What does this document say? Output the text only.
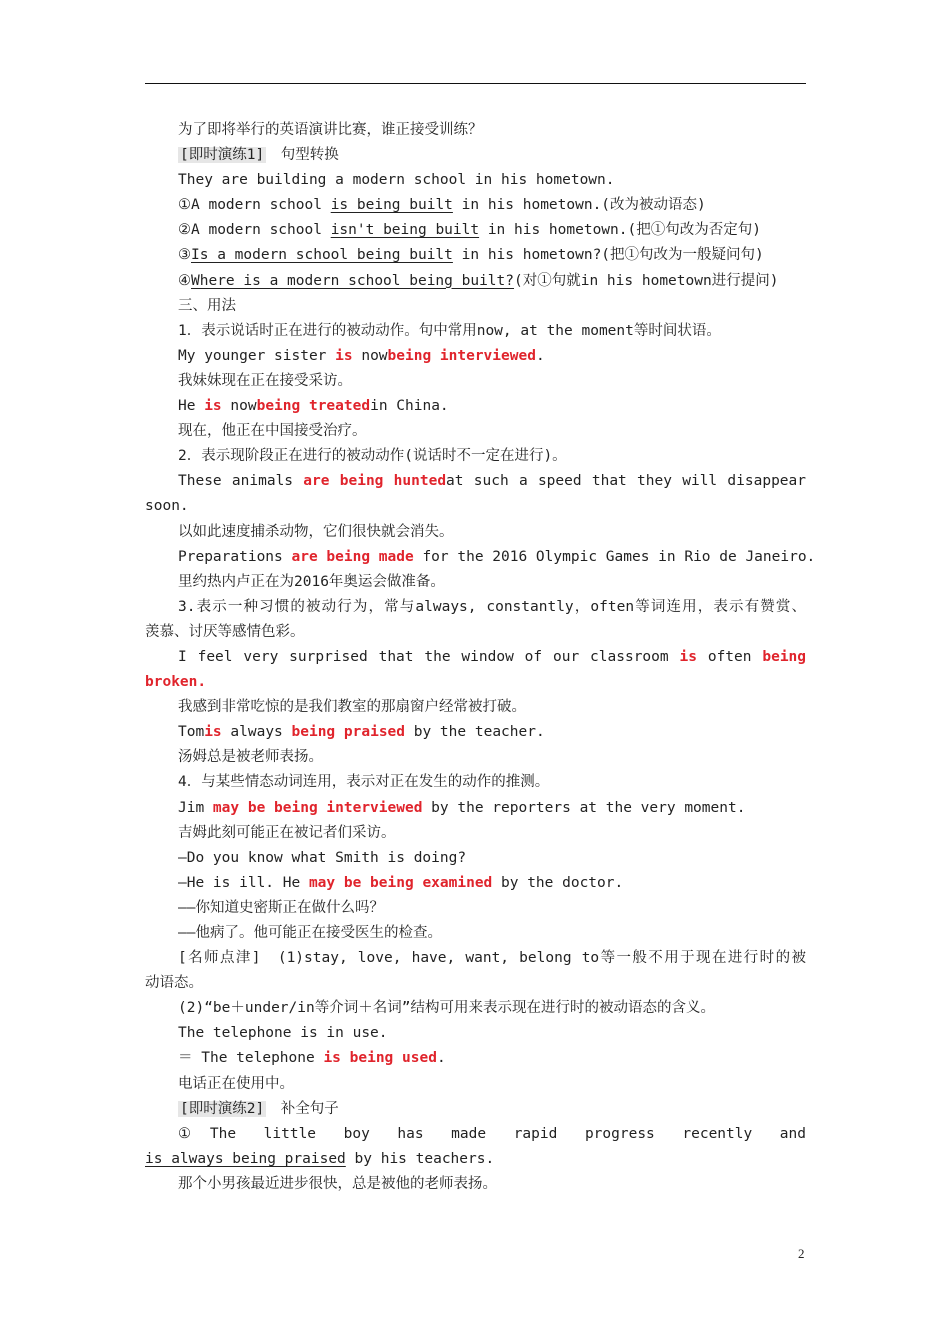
为了即将举行的英语演讲比赛，谁正接受训练？
[即时演练1]　句型转换
They are building a modern school in his hometown.
①A modern school is being built in his hometown.(改为被动语态)
②A modern school isn't being built in his hometown.(把①句改为否定句)
③Is a modern school being built in his hometown?(把①句改为一般疑问句)
④Where is a modern school being built?(对①句就in his hometown进行提问)
三、用法
1．表示说话时正在进行的被动动作。句中常用now, at the moment等时间状语。
My younger sister is nowbeing interviewed.
我妹妹现在正在接受采访。
He is nowbeing treatedin China.
现在，他正在中国接受治疗。
2．表示现阶段正在进行的被动动作(说话时不一定在进行)。
These animals are being huntedat such a speed that they will disappear
soon.
以如此速度捕杀动物，它们很快就会消失。
Preparations are being made for the 2016 Olympic Games in Rio de Janeiro.
里约热内卢正在为2016年奥运会做准备。
3.表示一种习惯的被动行为，常与always, constantly，often等词连用，表示有赞赏、
羡慕、讨厌等感情色彩。
I feel very surprised that the window of our classroom is often being
broken.
我感到非常吃惊的是我们教室的那扇窗户经常被打破。
Tomis always being praised by the teacher.
汤姆总是被老师表扬。
4．与某些情态动词连用，表示对正在发生的动作的推测。
Jim may be being interviewed by the reporters at the very moment.
吉姆此刻可能正在被记者们采访。
—Do you know what Smith is doing?
—He is ill. He may be being examined by the doctor.
——你知道史密斯正在做什么吗？
——他病了。他可能正在接受医生的检查。
[名师点津]　(1)stay, love, have, want, belong to等一般不用于现在进行时的被
动语态。
(2)“be＋under/in等介词＋名词”结构可用来表示现在进行时的被动语态的含义。
The telephone is in use.
＝ The telephone is being used.
电话正在使用中。
[即时演练2]　补全句子
①The little boy has made rapid progress recently and
is always being praised by his teachers.
那个小男孩最近进步很快，总是被他的老师表扬。
2
